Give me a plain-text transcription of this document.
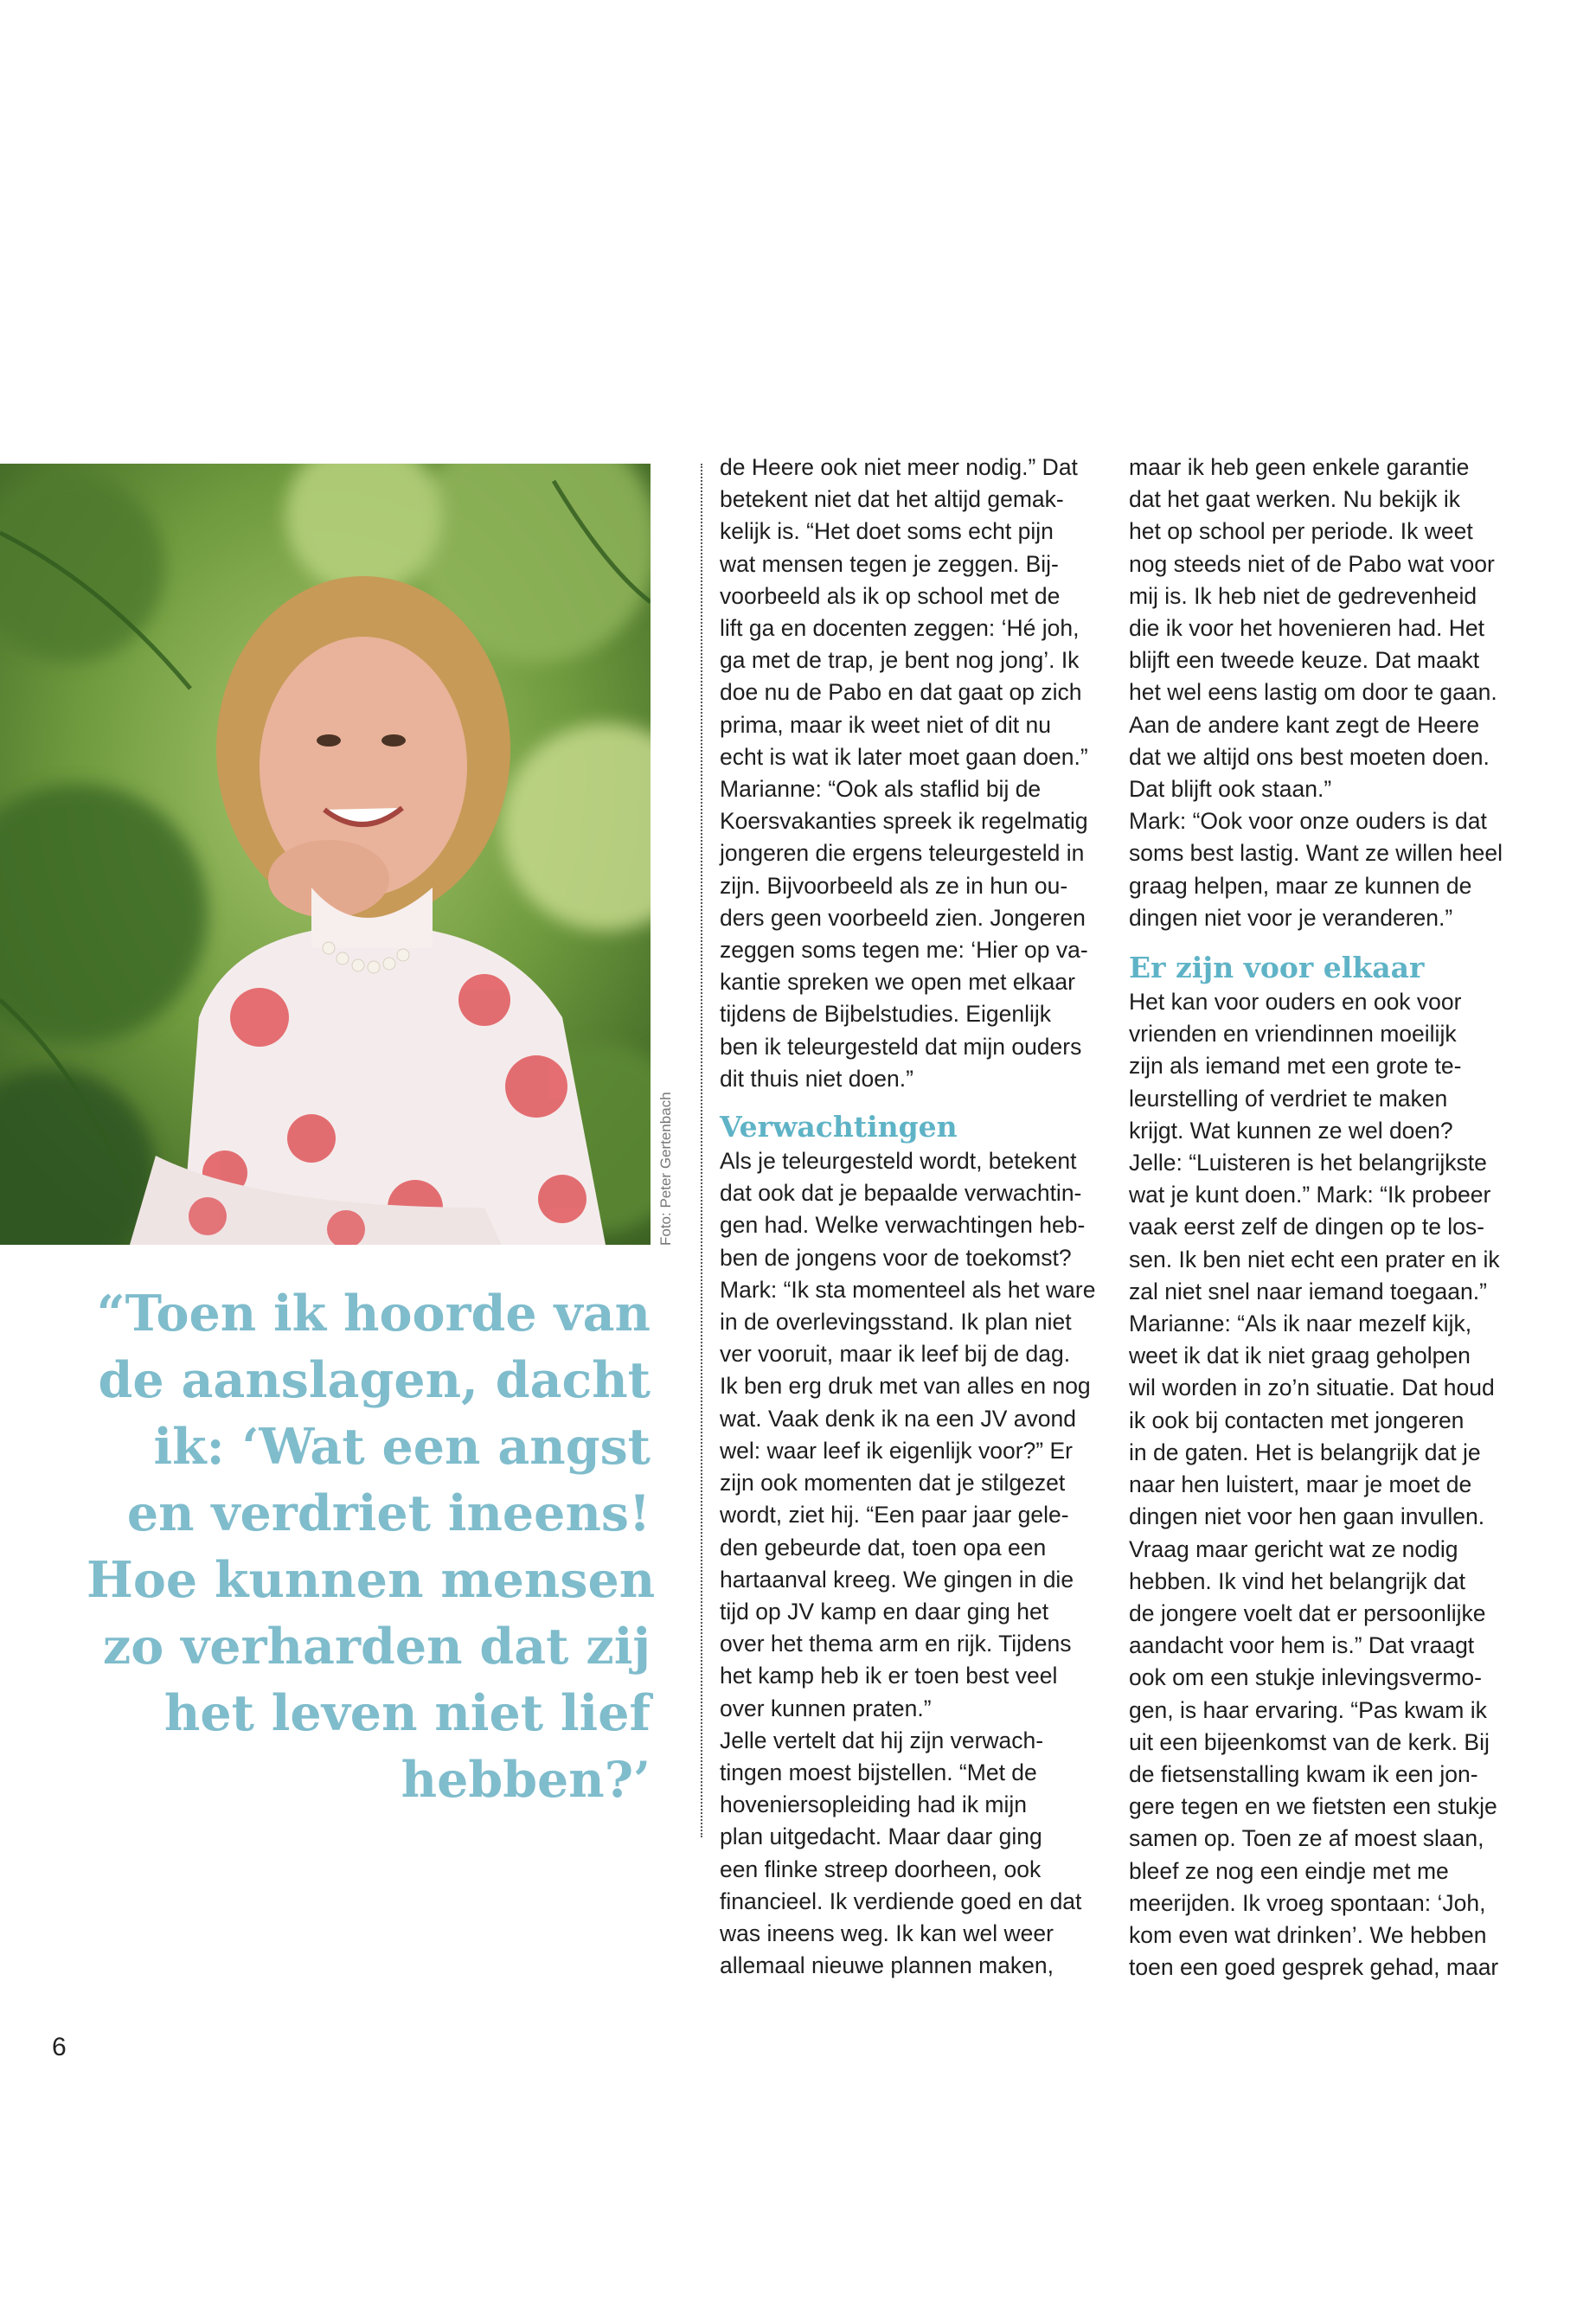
Foto: Peter Gertenbach
“Toen ik hoorde van
de aanslagen, dacht
ik: ‘Wat een angst
en verdriet ineens!
Hoe kunnen mensen
zo verharden dat zij
het leven niet lief
hebben?’

de Heere ook niet meer nodig.” Dat

betekent niet dat het altijd gemak-

kelijk is. “Het doet soms echt pijn

wat mensen tegen je zeggen. Bij-

voorbeeld als ik op school met de

lift ga en docenten zeggen: ‘Hé joh,

ga met de trap, je bent nog jong’. Ik

doe nu de Pabo en dat gaat op zich

prima, maar ik weet niet of dit nu

echt is wat ik later moet gaan doen.”

Marianne: “Ook als staflid bij de

Koersvakanties spreek ik regelmatig

jongeren die ergens teleurgesteld in

zijn. Bijvoorbeeld als ze in hun ou-

ders geen voorbeeld zien. Jongeren

zeggen soms tegen me: ‘Hier op va-

kantie spreken we open met elkaar

tijdens de Bijbelstudies. Eigenlijk

ben ik teleurgesteld dat mijn ouders

dit thuis niet doen.”

Verwachtingen

Als je teleurgesteld wordt, betekent

dat ook dat je bepaalde verwachtin-

gen had. Welke verwachtingen heb-

ben de jongens voor de toekomst?

Mark: “Ik sta momenteel als het ware

in de overlevingsstand. Ik plan niet

ver vooruit, maar ik leef bij de dag.

Ik ben erg druk met van alles en nog

wat. Vaak denk ik na een JV avond

wel: waar leef ik eigenlijk voor?” Er

zijn ook momenten dat je stilgezet

wordt, ziet hij. “Een paar jaar gele-

den gebeurde dat, toen opa een

hartaanval kreeg. We gingen in die

tijd op JV kamp en daar ging het

over het thema arm en rijk. Tijdens

het kamp heb ik er toen best veel

over kunnen praten.”

Jelle vertelt dat hij zijn verwach-

tingen moest bijstellen. “Met de

hoveniersopleiding had ik mijn

plan uitgedacht. Maar daar ging

een flinke streep doorheen, ook

financieel. Ik verdiende goed en dat

was ineens weg. Ik kan wel weer

allemaal nieuwe plannen maken,

maar ik heb geen enkele garantie

dat het gaat werken. Nu bekijk ik

het op school per periode. Ik weet

nog steeds niet of de Pabo wat voor

mij is. Ik heb niet de gedrevenheid

die ik voor het hovenieren had. Het

blijft een tweede keuze. Dat maakt

het wel eens lastig om door te gaan.

Aan de andere kant zegt de Heere

dat we altijd ons best moeten doen.

Dat blijft ook staan.”

Mark: “Ook voor onze ouders is dat

soms best lastig. Want ze willen heel

graag helpen, maar ze kunnen de

dingen niet voor je veranderen.”

Er zijn voor elkaar

Het kan voor ouders en ook voor

vrienden en vriendinnen moeilijk

zijn als iemand met een grote te-

leurstelling of verdriet te maken

krijgt. Wat kunnen ze wel doen?

Jelle: “Luisteren is het belangrijkste

wat je kunt doen.” Mark: “Ik probeer

vaak eerst zelf de dingen op te los-

sen. Ik ben niet echt een prater en ik

zal niet snel naar iemand toegaan.”

Marianne: “Als ik naar mezelf kijk,

weet ik dat ik niet graag geholpen

wil worden in zo’n situatie. Dat houd

ik ook bij contacten met jongeren

in de gaten. Het is belangrijk dat je

naar hen luistert, maar je moet de

dingen niet voor hen gaan invullen.

Vraag maar gericht wat ze nodig

hebben. Ik vind het belangrijk dat

de jongere voelt dat er persoonlijke

aandacht voor hem is.” Dat vraagt

ook om een stukje inlevingsvermo-

gen, is haar ervaring. “Pas kwam ik

uit een bijeenkomst van de kerk. Bij

de fietsenstalling kwam ik een jon-

gere tegen en we fietsten een stukje

samen op. Toen ze af moest slaan,

bleef ze nog een eindje met me

meerijden. Ik vroeg spontaan: ‘Joh,

kom even wat drinken’. We hebben

toen een goed gesprek gehad, maar

6
